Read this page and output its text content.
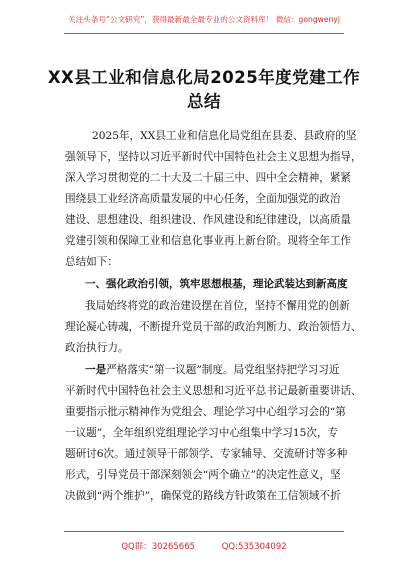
关注头条号“公文研究”，获得最新最全最专业的公文资料库！ 微信：gongwenyj
XX县工业和信息化局2025年度党建工作
总结
2025年，XX县工业和信息化局党组在县委、县政府的坚
强领导下，坚持以习近平新时代中国特色社会主义思想为指导，
深入学习贯彻党的二十大及二十届三中、四中全会精神，紧紧
围绕县工业经济高质量发展的中心任务，全面加强党的政治
建设、思想建设、组织建设、作风建设和纪律建设，以高质量
党建引领和保障工业和信息化事业再上新台阶。现将全年工作
总结如下：
一、强化政治引领，筑牢思想根基，理论武装达到新高度
我局始终将党的政治建设摆在首位，坚持不懈用党的创新
理论凝心铸魂，不断提升党员干部的政治判断力、政治领悟力、
政治执行力。
一是严格落实“第一议题”制度。局党组坚持把学习习近
平新时代中国特色社会主义思想和习近平总书记最新重要讲话、
重要指示批示精神作为党组会、理论学习中心组学习会的“第
一议题”，全年组织党组理论学习中心组集中学习15次，专
题研讨6次。通过领导干部领学、专家辅导、交流研讨等多种
形式，引导党员干部深刻领会“两个确立”的决定性意义，坚
决做到“两个维护”，确保党的路线方针政策在工信领域不折
QQ群：30265665	QQ:535304092
